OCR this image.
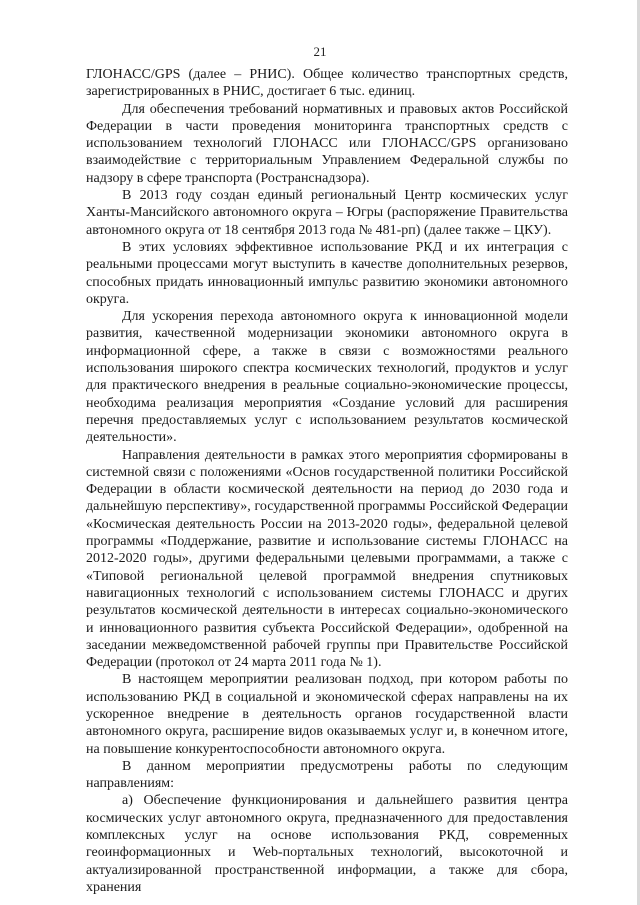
21

ГЛОНАСС/GPS (далее – РНИС). Общее количество транспортных средств, зарегистрированных в РНИС, достигает 6 тыс. единиц.

Для обеспечения требований нормативных и правовых актов Российской Федерации в части проведения мониторинга транспортных средств с использованием технологий ГЛОНАСС или ГЛОНАСС/GPS организовано взаимодействие с территориальным Управлением Федеральной службы по надзору в сфере транспорта (Ространснадзора).

В 2013 году создан единый региональный Центр космических услуг Ханты-Мансийского автономного округа – Югры (распоряжение Правительства автономного округа от 18 сентября 2013 года № 481-рп) (далее также – ЦКУ).

В этих условиях эффективное использование РКД и их интеграция с реальными процессами могут выступить в качестве дополнительных резервов, способных придать инновационный импульс развитию экономики автономного округа.

Для ускорения перехода автономного округа к инновационной модели развития, качественной модернизации экономики автономного округа в информационной сфере, а также в связи с возможностями реального использования широкого спектра космических технологий, продуктов и услуг для практического внедрения в реальные социально-экономические процессы, необходима реализация мероприятия «Создание условий для расширения перечня предоставляемых услуг с использованием результатов космической деятельности».

Направления деятельности в рамках этого мероприятия сформированы в системной связи с положениями «Основ государственной политики Российской Федерации в области космической деятельности на период до 2030 года и дальнейшую перспективу», государственной программы Российской Федерации «Космическая деятельность России на 2013-2020 годы», федеральной целевой программы «Поддержание, развитие и использование системы ГЛОНАСС на 2012-2020 годы», другими федеральными целевыми программами, а также с «Типовой региональной целевой программой внедрения спутниковых навигационных технологий с использованием системы ГЛОНАСС и других результатов космической деятельности в интересах социально-экономического и инновационного развития субъекта Российской Федерации», одобренной на заседании межведомственной рабочей группы при Правительстве Российской Федерации (протокол от 24 марта 2011 года № 1).

В настоящем мероприятии реализован подход, при котором работы по использованию РКД в социальной и экономической сферах направлены на их ускоренное внедрение в деятельность органов государственной власти автономного округа, расширение видов оказываемых услуг и, в конечном итоге, на повышение конкурентоспособности автономного округа.

В данном мероприятии предусмотрены работы по следующим направлениям:

а) Обеспечение функционирования и дальнейшего развития центра космических услуг автономного округа, предназначенного для предоставления комплексных услуг на основе использования РКД, современных геоинформационных и Web-портальных технологий, высокоточной и актуализированной пространственной информации, а также для сбора, хранения
